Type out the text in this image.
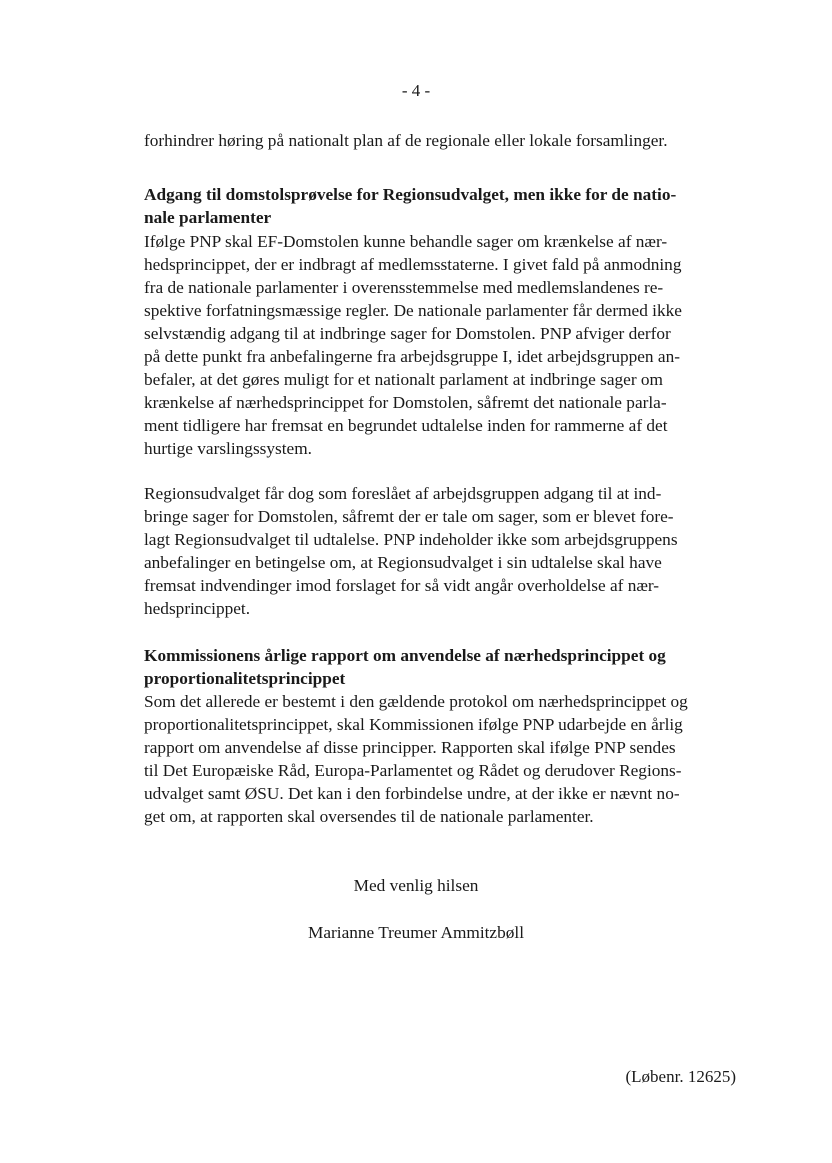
- 4 -

forhindrer høring på nationalt plan af de regionale eller lokale forsamlinger.

Adgang til domstolsprøvelse for Regionsudvalget, men ikke for de natio-
nale parlamenter

Ifølge PNP skal EF-Domstolen kunne behandle sager om krænkelse af nær-
hedsprincippet, der er indbragt af medlemsstaterne. I givet fald på anmodning
fra de nationale parlamenter i overensstemmelse med medlemslandenes re-
spektive forfatningsmæssige regler. De nationale parlamenter får dermed ikke
selvstændig adgang til at indbringe sager for Domstolen. PNP afviger derfor
på dette punkt fra anbefalingerne fra arbejdsgruppe I, idet arbejdsgruppen an-
befaler, at det gøres muligt for et nationalt parlament at indbringe sager om
krænkelse af nærhedsprincippet for Domstolen, såfremt det nationale parla-
ment tidligere har fremsat en begrundet udtalelse inden for rammerne af det
hurtige varslingssystem.

Regionsudvalget får dog som foreslået af arbejdsgruppen adgang til at ind-
bringe sager for Domstolen, såfremt der er tale om sager, som er blevet fore-
lagt Regionsudvalget til udtalelse. PNP indeholder ikke som arbejdsgruppens
anbefalinger en betingelse om, at Regionsudvalget i sin udtalelse skal have
fremsat indvendinger imod forslaget for så vidt angår overholdelse af nær-
hedsprincippet.

Kommissionens årlige rapport om anvendelse af nærhedsprincippet og
proportionalitetsprincippet

Som det allerede er bestemt i den gældende protokol om nærhedsprincippet og
proportionalitetsprincippet, skal Kommissionen ifølge PNP udarbejde en årlig
rapport om anvendelse af disse principper. Rapporten skal ifølge PNP sendes
til Det Europæiske Råd, Europa-Parlamentet og Rådet og derudover Regions-
udvalget samt ØSU. Det kan i den forbindelse undre, at der ikke er nævnt no-
get om, at rapporten skal oversendes til de nationale parlamenter.

Med venlig hilsen
Marianne Treumer Ammitzbøll
(Løbenr. 12625)
